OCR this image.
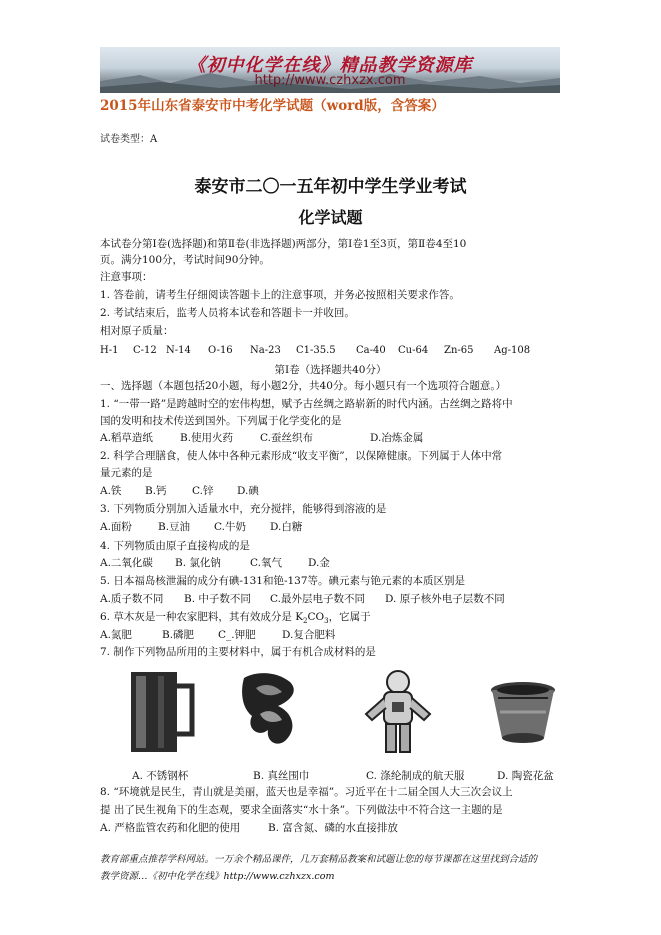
《初中化学在线》精品教学资源库
http://www.czhxzx.com
2015年山东省泰安市中考化学试题（word版，含答案）
试卷类型：A
泰安市二〇一五年初中学生学业考试
化学试题
本试卷分第Ⅰ卷(选择题)和第Ⅱ卷(非选择题)两部分，第Ⅰ卷1至3页，第Ⅱ卷4至10
页。满分100分，考试时间90分钟。
注意事项：
1. 答卷前，请考生仔细阅读答题卡上的注意事项，并务必按照相关要求作答。
2. 考试结束后，监考人员将本试卷和答题卡一并收回。
相对原子质量：
H-1 C-12 N-14 O-16 Na-23 C1-35.5 Ca-40 Cu-64 Zn-65 Ag-108
第Ⅰ卷（选择题共40分）
一、选择题（本题包括20小题，每小题2分，共40分。每小题只有一个选项符合题意。）
1. “一带一路”是跨越时空的宏伟构想，赋予古丝绸之路崭新的时代内涵。古丝绸之路将中
国的发明和技术传送到国外。下列属于化学变化的是
A.稻草造纸	B.使用火药	C.蚕丝织布	D.冶炼金属
2. 科学合理膳食，使人体中各种元素形成“收支平衡”，以保障健康。下列属于人体中常
量元素的是
A.铁 B.钙 C.锌 D.碘
3. 下列物质分别加入适量水中，充分搅拌，能够得到溶液的是
A.面粉 B.豆油 C.牛奶 D.白糖
4. 下列物质由原子直接构成的是
A.二氧化碳 B. 氯化钠	C.氧气 D.金
5. 日本福岛核泄漏的成分有碘-131和铯-137等。碘元素与铯元素的本质区别是
A.质子数不同 B. 中子数不同 C.最外层电子数不同 D. 原子核外电子层数不同
6. 草木灰是一种农家肥料，其有效成分是 $K_2CO_3$，它属于
A.氮肥	B.磷肥 C_.钾肥	D.复合肥料
7. 制作下列物品所用的主要材料中，属于有机合成材料的是
A. 不锈钢杯	B. 真丝围巾	C. 涤纶制成的航天服	D. 陶瓷花盆
8. “环境就是民生，青山就是美丽，蓝天也是幸福”。习近平在十二届全国人大三次会议上
提 出了民生视角下的生态观，要求全面落实“水十条”。下列做法中不符合这一主题的是
A. 严格监管农药和化肥的使用	B. 富含氮、磷的水直接排放
教育部重点推荐学科网站。一万余个精品课件，几万套精品教案和试题让您的每节课都在这里找到合适的
教学资源…《初中化学在线》http://www.czhxzx.com
